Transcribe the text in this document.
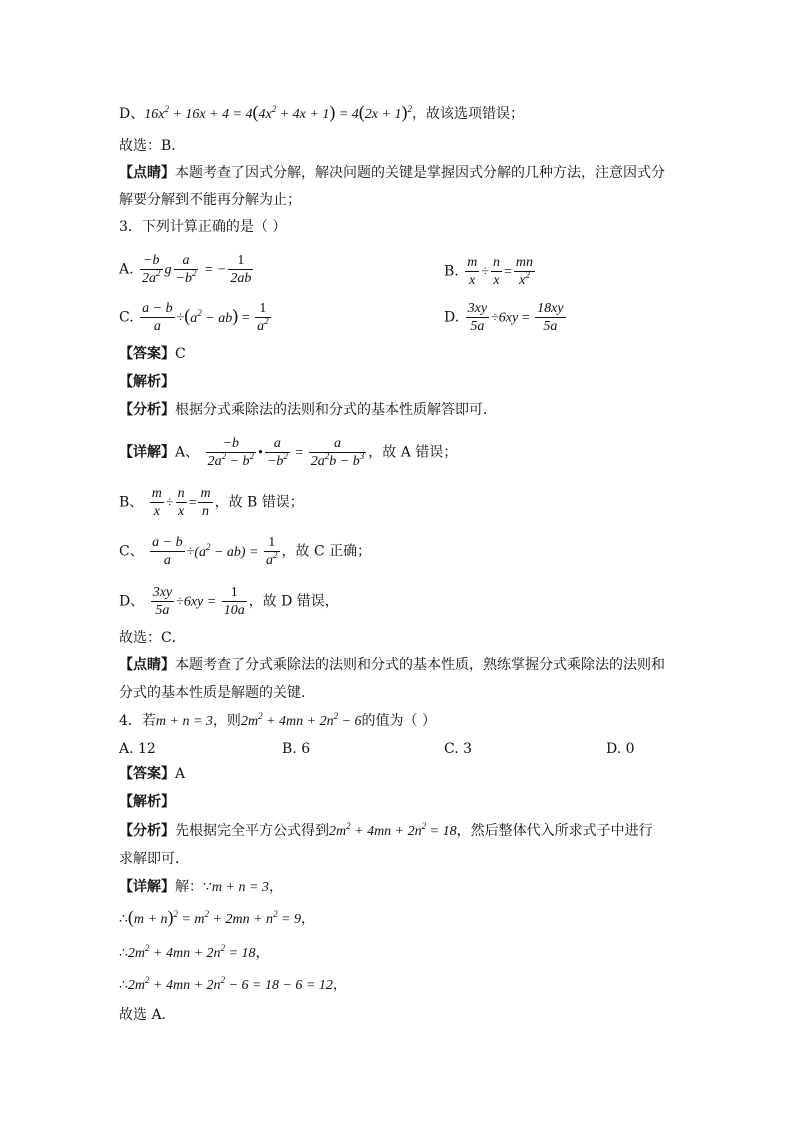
D、$16x^2 + 16x + 4 = 4(4x^2 + 4x + 1) = 4(2x + 1)^2$，故该选项错误；
故选：B．
【点睛】本题考查了因式分解，解决问题的关键是掌握因式分解的几种方法，注意因式分
解要分解到不能再分解为止；
3．下列计算正确的是（ ）
A. $\frac{-b}{2a^2}$ g $\frac{a}{-b^2}$ = − $\frac{1}{2ab}$	B. $\frac{m}{x} \div \frac{n}{x} = \frac{mn}{x^2}$
C. $\frac{a - b}{a} \div(a^2 - ab) = \frac{1}{a^2}$	D. $\frac{3xy}{5a} \div 6xy = \frac{18xy}{5a}$
【答案】C
【解析】
【分析】根据分式乘除法的法则和分式的基本性质解答即可．
【详解】A、 $\frac{-b}{2a^2 - b^2}$ • $\frac{a}{-b^2} = \frac{a}{2a^2b - b^3}$ ，故 A 错误；
B、 $\frac{m}{x} \div \frac{n}{x} = \frac{m}{n}$ ，故 B 错误；
C、 $\frac{a - b}{a} \div(a^2 - ab) = \frac{1}{a^2}$ ，故 C 正确；
D、 $\frac{3xy}{5a} \div 6xy = \frac{1}{10a}$ ，故 D 错误，
故选：C．
【点睛】本题考查了分式乘除法的法则和分式的基本性质，熟练掌握分式乘除法的法则和
分式的基本性质是解题的关键．
4．若m + n = 3，则$2m^2 + 4mn + 2n^2 - 6$的值为（ ）
A. 12	B. 6	C. 3	D. 0
【答案】A
【解析】
【分析】先根据完全平方公式得到$2m^2 + 4mn + 2n^2 = 18$，然后整体代入所求式子中进行
求解即可．
【详解】解：∵m + n = 3，
∴(m + $n)^2 = m^2 + 2mn + n^2 = 9$，
$\therefore 2m^2 + 4mn + 2n^2 = 18$，
$\therefore 2m^2 + 4mn + 2n^2 - 6 = 18 - 6 = 12$，
故选 A．
